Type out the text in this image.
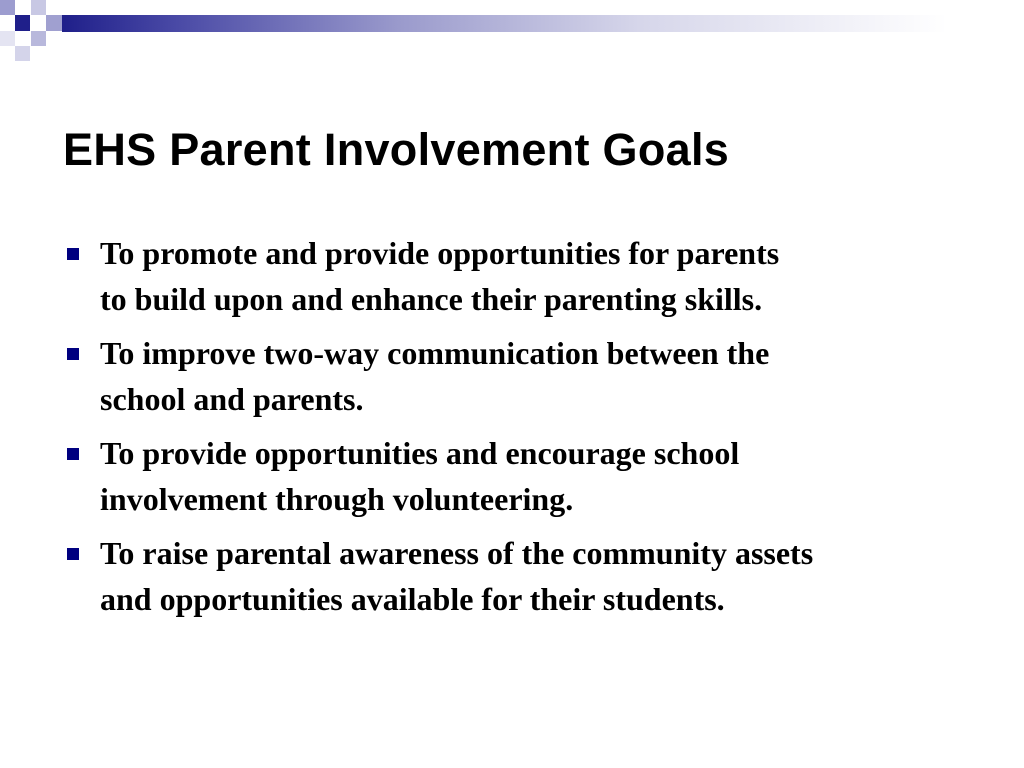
EHS Parent Involvement Goals
To promote and provide opportunities for parents
to build upon and enhance their parenting skills.
To improve two-way communication between the
school and parents.
To provide opportunities and encourage school
involvement through volunteering.
To raise parental awareness of the community assets
and opportunities available for their students.
